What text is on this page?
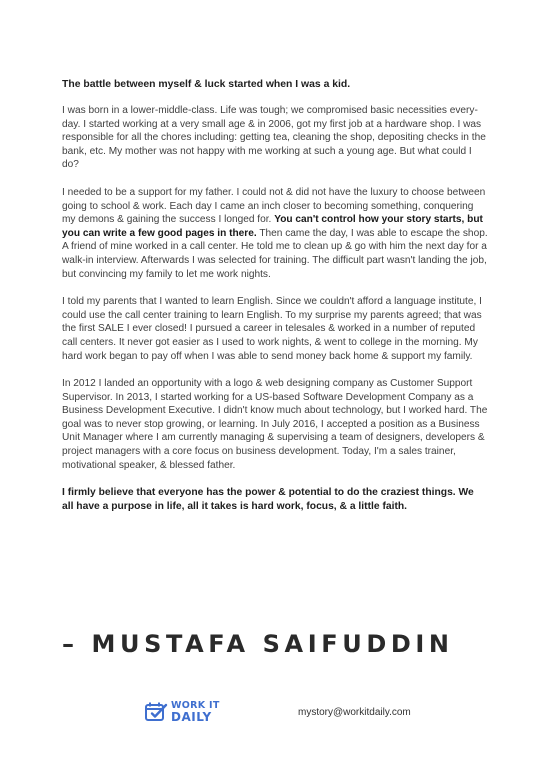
The battle between myself & luck started when I was a kid.

I was born in a lower-middle-class. Life was tough; we compromised basic necessities every-day. I started working at a very small age & in 2006, got my first job at a hardware shop. I was responsible for all the chores including: getting tea, cleaning the shop, depositing checks in the bank, etc. My mother was not happy with me working at such a young age. But what could I do?

I needed to be a support for my father. I could not & did not have the luxury to choose between going to school & work. Each day I came an inch closer to becoming something, conquering my demons & gaining the success I longed for. You can't control how your story starts, but you can write a few good pages in there. Then came the day, I was able to escape the shop. A friend of mine worked in a call center. He told me to clean up & go with him the next day for a walk-in interview. Afterwards I was selected for training. The difficult part wasn't landing the job, but convincing my family to let me work nights.

I told my parents that I wanted to learn English. Since we couldn't afford a language institute, I could use the call center training to learn English. To my surprise my parents agreed; that was the first SALE I ever closed! I pursued a career in telesales & worked in a number of reputed call centers. It never got easier as I used to work nights, & went to college in the morning. My hard work began to pay off when I was able to send money back home & support my family.

In 2012 I landed an opportunity with a logo & web designing company as Customer Support Supervisor. In 2013, I started working for a US-based Software Development Company as a Business Development Executive. I didn't know much about technology, but I worked hard. The goal was to never stop growing, or learning. In July 2016, I accepted a position as a Business Unit Manager where I am currently managing & supervising a team of designers, developers & project managers with a core focus on business development. Today, I'm a sales trainer, motivational speaker, & blessed father.

I firmly believe that everyone has the power & potential to do the craziest things. We all have a purpose in life, all it takes is hard work, focus, & a little faith.

– MUSTAFA SAIFUDDIN
WORK IT
DAILY	mystory@workitdaily.com
